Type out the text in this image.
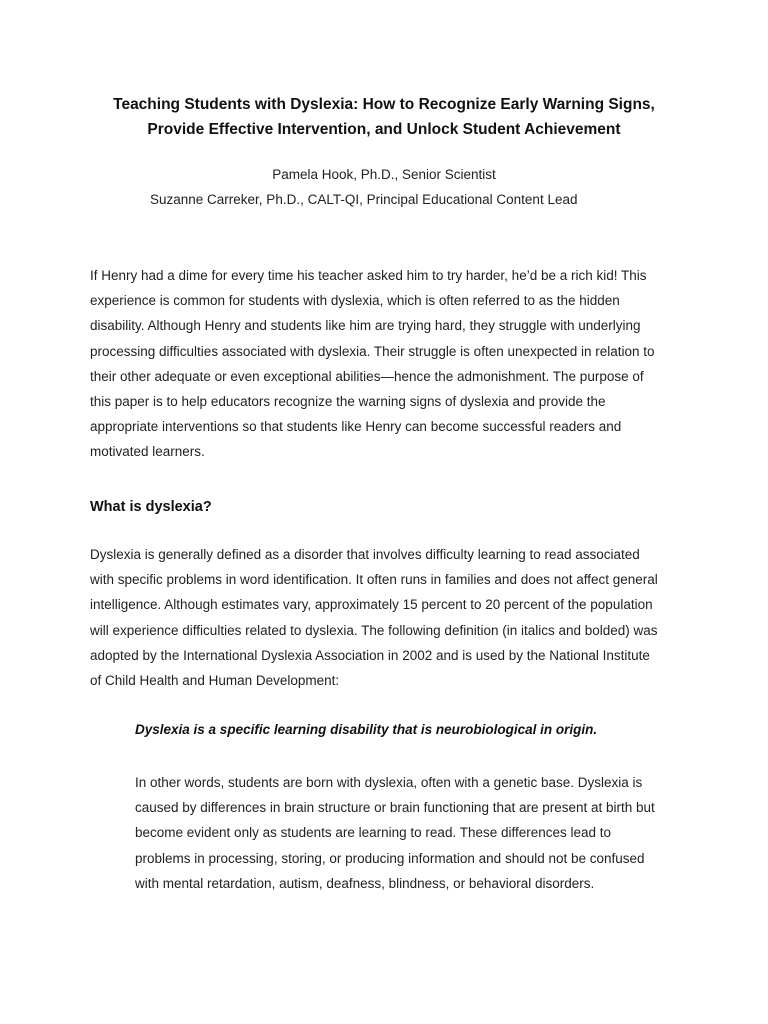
Teaching Students with Dyslexia: How to Recognize Early Warning Signs,
Provide Effective Intervention, and Unlock Student Achievement
Pamela Hook, Ph.D., Senior Scientist
Suzanne Carreker, Ph.D., CALT-QI, Principal Educational Content Lead
If Henry had a dime for every time his teacher asked him to try harder, he’d be a rich kid! This
experience is common for students with dyslexia, which is often referred to as the hidden
disability. Although Henry and students like him are trying hard, they struggle with underlying
processing difficulties associated with dyslexia. Their struggle is often unexpected in relation to
their other adequate or even exceptional abilities—hence the admonishment. The purpose of
this paper is to help educators recognize the warning signs of dyslexia and provide the
appropriate interventions so that students like Henry can become successful readers and
motivated learners.
What is dyslexia?
Dyslexia is generally defined as a disorder that involves difficulty learning to read associated
with specific problems in word identification. It often runs in families and does not affect general
intelligence. Although estimates vary, approximately 15 percent to 20 percent of the population
will experience difficulties related to dyslexia. The following definition (in italics and bolded) was
adopted by the International Dyslexia Association in 2002 and is used by the National Institute
of Child Health and Human Development:
Dyslexia is a specific learning disability that is neurobiological in origin.
In other words, students are born with dyslexia, often with a genetic base. Dyslexia is
caused by differences in brain structure or brain functioning that are present at birth but
become evident only as students are learning to read. These differences lead to
problems in processing, storing, or producing information and should not be confused
with mental retardation, autism, deafness, blindness, or behavioral disorders.
